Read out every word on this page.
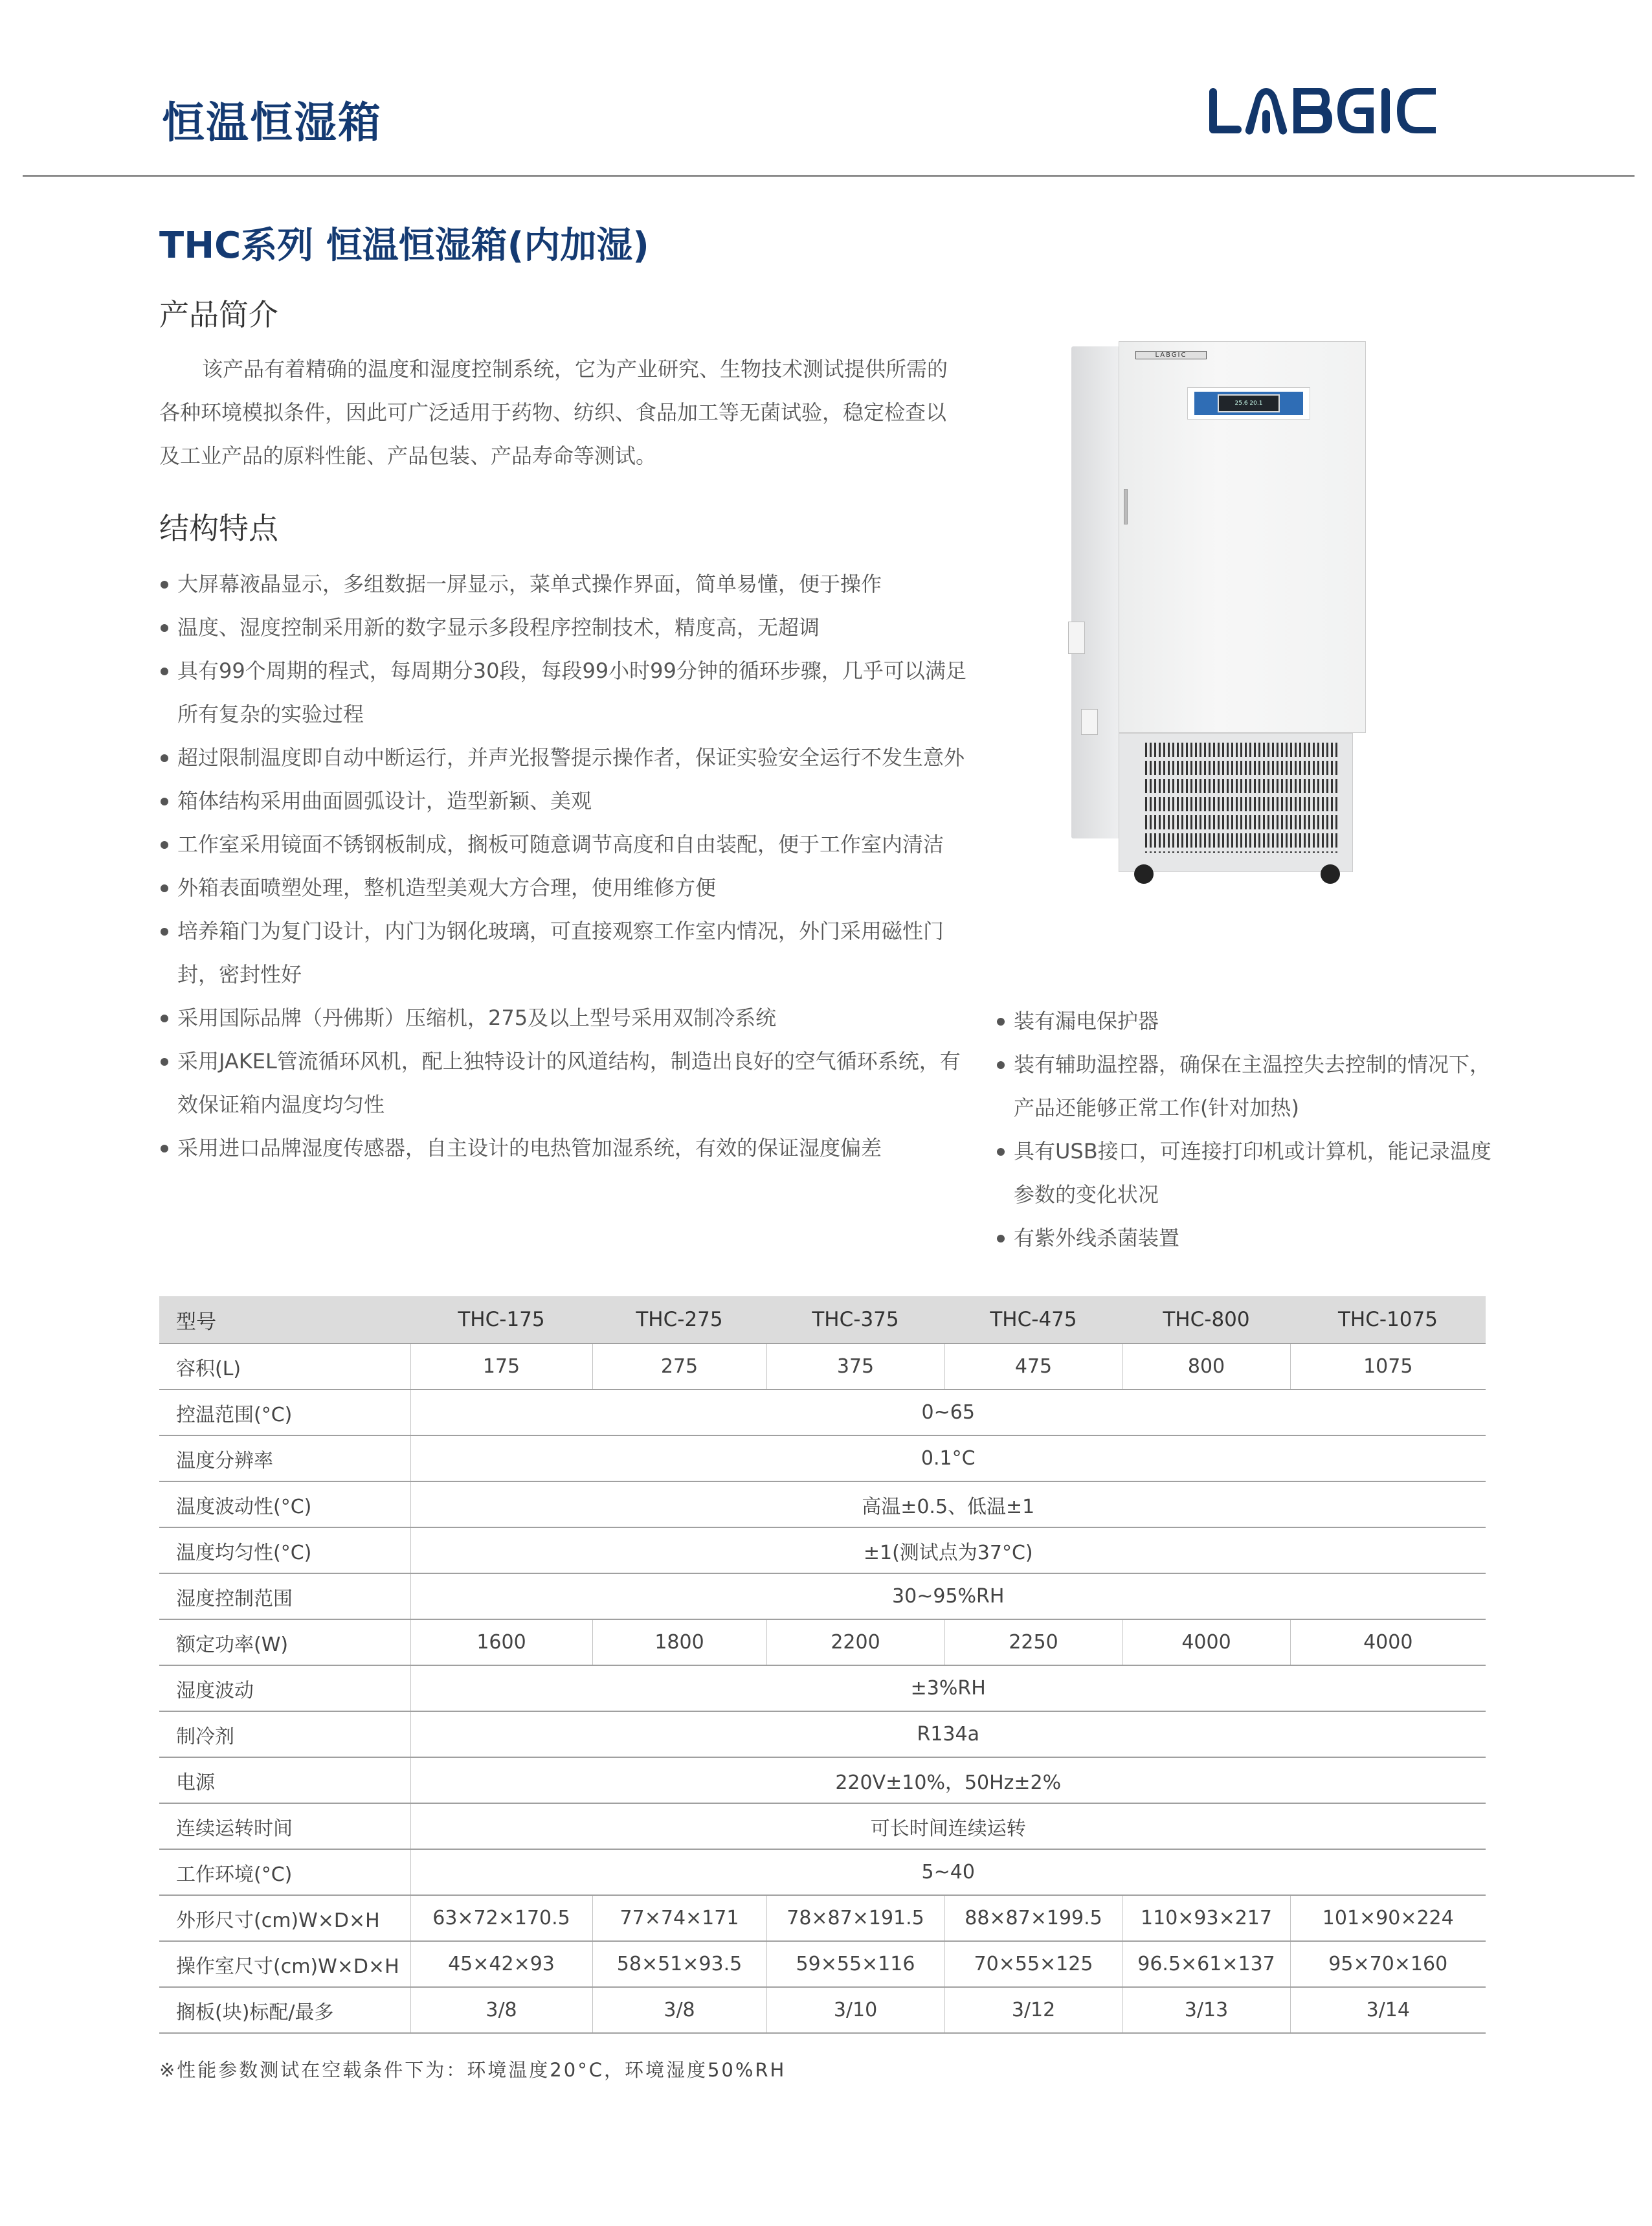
恒温恒湿箱
THC系列 恒温恒湿箱(内加湿)
产品简介

该产品有着精确的温度和湿度控制系统，它为产业研究、生物技术测试提供所需的各种环境模拟条件，因此可广泛适用于药物、纺织、食品加工等无菌试验，稳定检查以及工业产品的原料性能、产品包装、产品寿命等测试。

结构特点
大屏幕液晶显示，多组数据一屏显示，菜单式操作界面，简单易懂，便于操作
温度、湿度控制采用新的数字显示多段程序控制技术，精度高，无超调
具有99个周期的程式，每周期分30段，每段99小时99分钟的循环步骤，几乎可以满足所有复杂的实验过程
超过限制温度即自动中断运行，并声光报警提示操作者，保证实验安全运行不发生意外
箱体结构采用曲面圆弧设计，造型新颖、美观
工作室采用镜面不锈钢板制成，搁板可随意调节高度和自由装配，便于工作室内清洁
外箱表面喷塑处理，整机造型美观大方合理，使用维修方便
培养箱门为复门设计，内门为钢化玻璃，可直接观察工作室内情况，外门采用磁性门封，密封性好
采用国际品牌（丹佛斯）压缩机，275及以上型号采用双制冷系统
采用JAKEL管流循环风机，配上独特设计的风道结构，制造出良好的空气循环系统，有效保证箱内温度均匀性
采用进口品牌湿度传感器，自主设计的电热管加湿系统，有效的保证湿度偏差
装有漏电保护器
装有辅助温控器，确保在主温控失去控制的情况下，产品还能够正常工作(针对加热)
具有USB接口，可连接打印机或计算机，能记录温度参数的变化状况
有紫外线杀菌装置
LABGIC
25.6 20.1
型号	THC-175	THC-275	THC-375	THC-475	THC-800	THC-1075
容积(L)	175	275	375	475	800	1075
控温范围(°C)	0~65					
温度分辨率	0.1°C					
温度波动性(°C)	高温±0.5、低温±1					
温度均匀性(°C)	±1(测试点为37°C)					
湿度控制范围	30~95%RH					
额定功率(W)	1600	1800	2200	2250	4000	4000
湿度波动	±3%RH					
制冷剂	R134a					
电源	220V±10%，50Hz±2%					
连续运转时间	可长时间连续运转					
工作环境(°C)	5~40					
外形尺寸(cm)W×D×H	63×72×170.5	77×74×171	78×87×191.5	88×87×199.5	110×93×217	101×90×224
操作室尺寸(cm)W×D×H	45×42×93	58×51×93.5	59×55×116	70×55×125	96.5×61×137	95×70×160
搁板(块)标配/最多	3/8	3/8	3/10	3/12	3/13	3/14
※性能参数测试在空载条件下为：环境温度20°C，环境湿度50%RH
